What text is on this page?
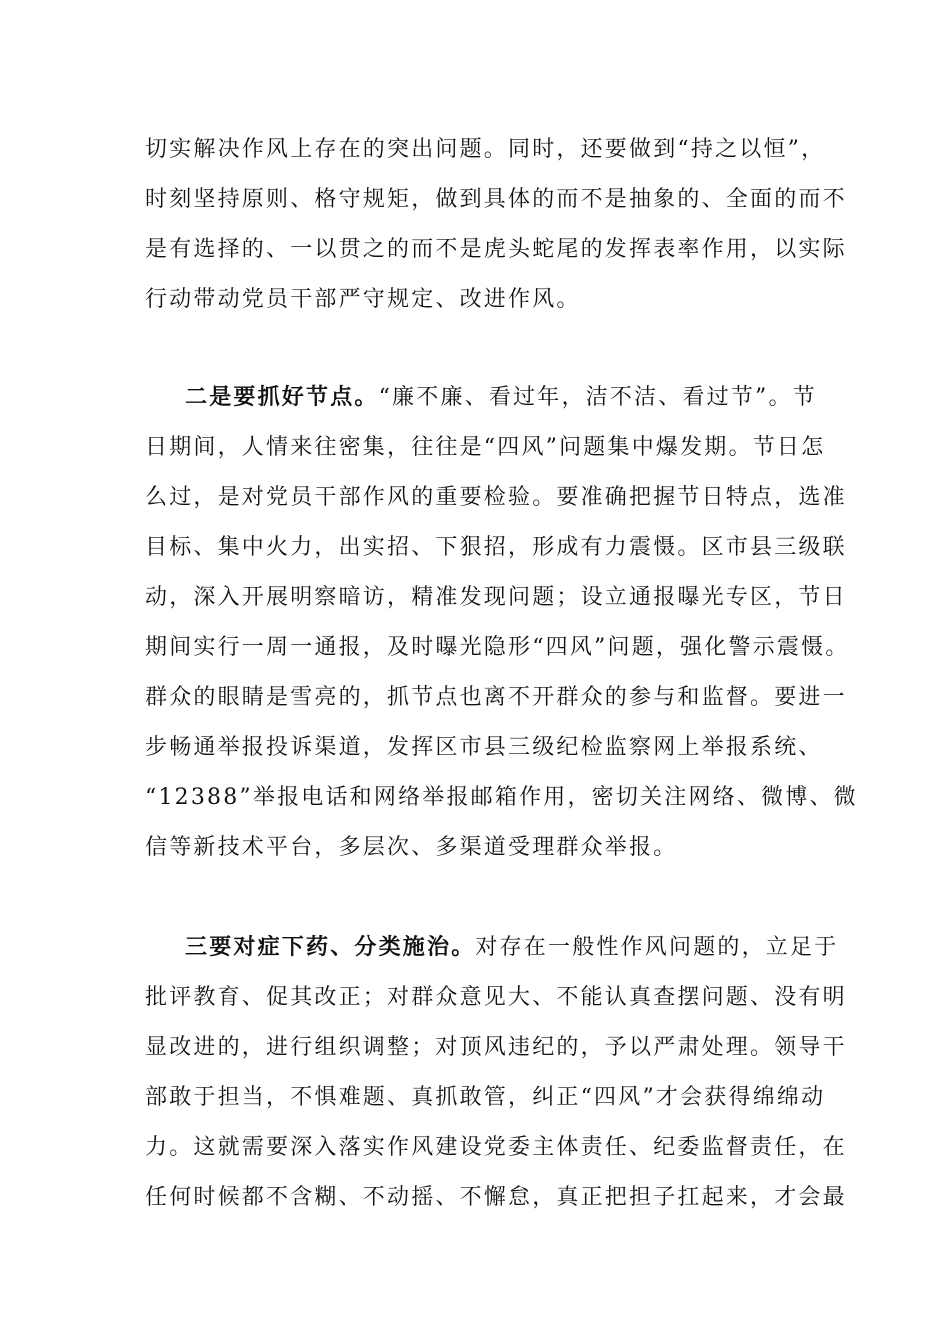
切实解决作风上存在的突出问题。同时，还要做到“持之以恒”，
时刻坚持原则、格守规矩，做到具体的而不是抽象的、全面的而不
是有选择的、一以贯之的而不是虎头蛇尾的发挥表率作用，以实际
行动带动党员干部严守规定、改进作风。
二是要抓好节点。“廉不廉、看过年，洁不洁、看过节”。节
日期间，人情来往密集，往往是“四风”问题集中爆发期。节日怎
么过，是对党员干部作风的重要检验。要准确把握节日特点，选准
目标、集中火力，出实招、下狠招，形成有力震慑。区市县三级联
动，深入开展明察暗访，精准发现问题；设立通报曝光专区，节日
期间实行一周一通报，及时曝光隐形“四风”问题，强化警示震慑。
群众的眼睛是雪亮的，抓节点也离不开群众的参与和监督。要进一
步畅通举报投诉渠道，发挥区市县三级纪检监察网上举报系统、
“12388”举报电话和网络举报邮箱作用，密切关注网络、微博、微
信等新技术平台，多层次、多渠道受理群众举报。
三要对症下药、分类施治。对存在一般性作风问题的，立足于
批评教育、促其改正；对群众意见大、不能认真查摆问题、没有明
显改进的，进行组织调整；对顶风违纪的，予以严肃处理。领导干
部敢于担当，不惧难题、真抓敢管，纠正“四风”才会获得绵绵动
力。这就需要深入落实作风建设党委主体责任、纪委监督责任，在
任何时候都不含糊、不动摇、不懈怠，真正把担子扛起来，才会最
